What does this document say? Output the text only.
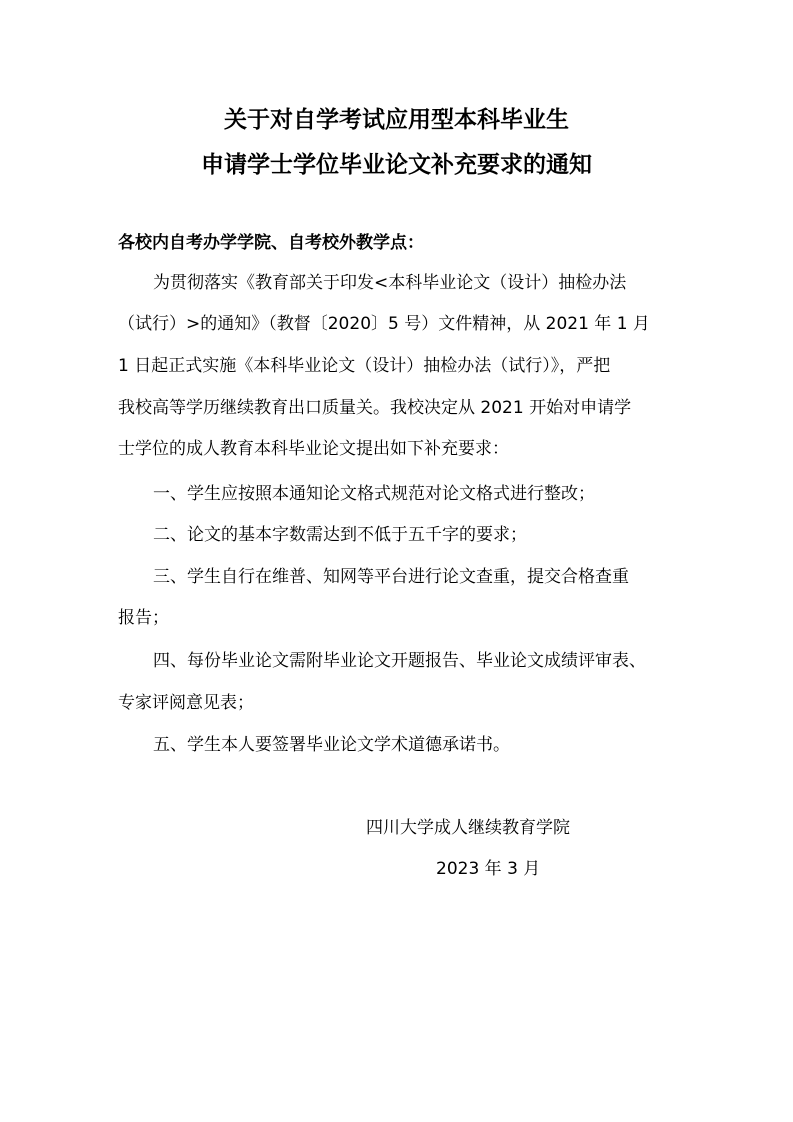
关于对自学考试应用型本科毕业生
申请学士学位毕业论文补充要求的通知
各校内自考办学学院、自考校外教学点：
为贯彻落实《教育部关于印发<本科毕业论文（设计）抽检办法
（试行）>的通知》（教督〔2020〕5 号）文件精神，从 2021 年 1 月
1 日起正式实施《本科毕业论文（设计）抽检办法（试行）》，严把
我校高等学历继续教育出口质量关。我校决定从 2021 开始对申请学
士学位的成人教育本科毕业论文提出如下补充要求：
一、学生应按照本通知论文格式规范对论文格式进行整改；
二、论文的基本字数需达到不低于五千字的要求；
三、学生自行在维普、知网等平台进行论文查重，提交合格查重
报告；
四、每份毕业论文需附毕业论文开题报告、毕业论文成绩评审表、
专家评阅意见表；
五、学生本人要签署毕业论文学术道德承诺书。
四川大学成人继续教育学院
2023 年 3 月
